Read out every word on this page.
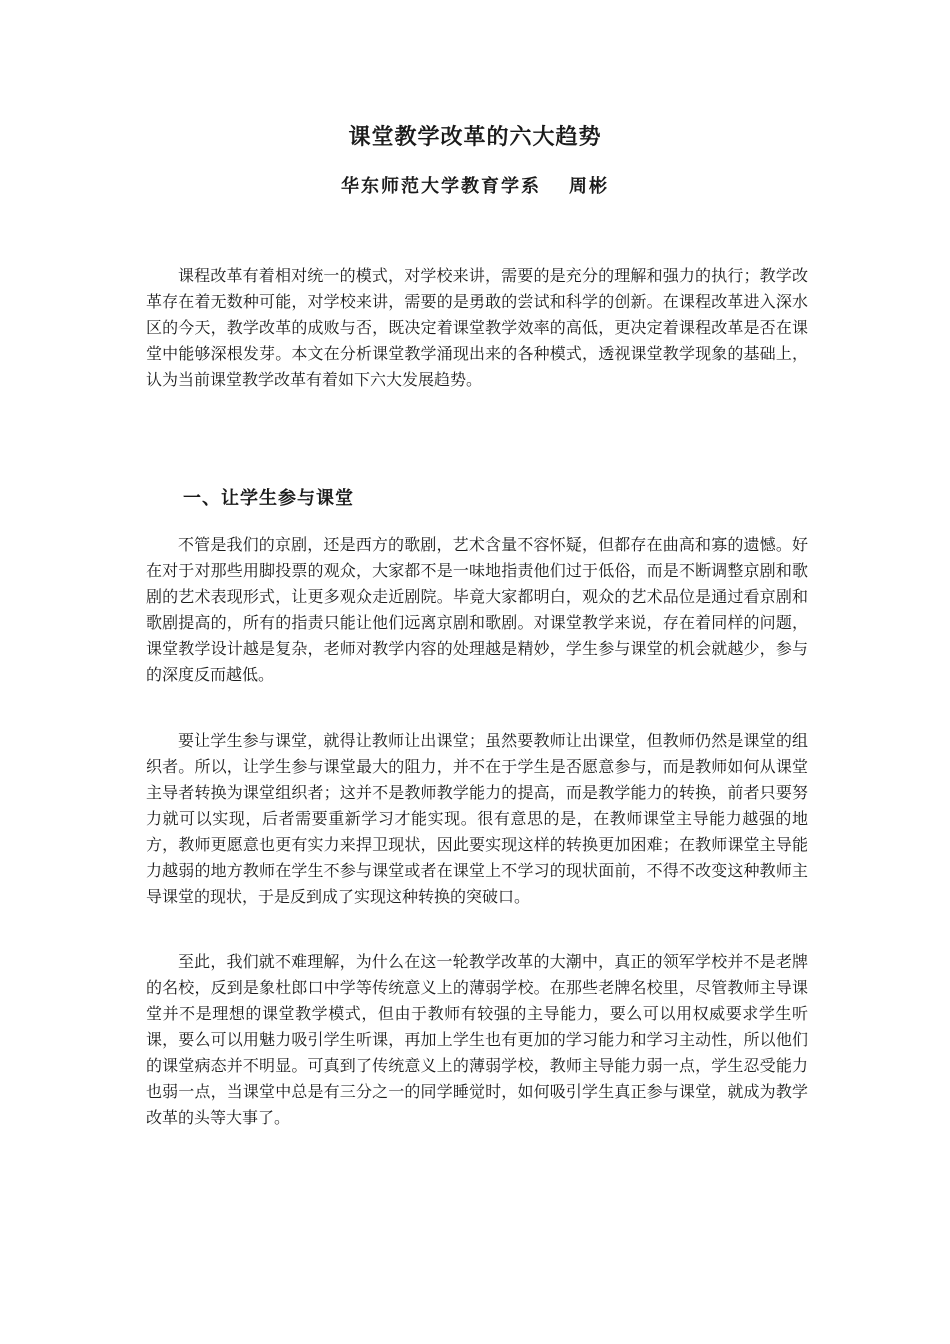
课堂教学改革的六大趋势
华东师范大学教育学系 周彬

课程改革有着相对统一的模式，对学校来讲，需要的是充分的理解和强力的执行；教学改革存在着无数种可能，对学校来讲，需要的是勇敢的尝试和科学的创新。在课程改革进入深水区的今天，教学改革的成败与否，既决定着课堂教学效率的高低，更决定着课程改革是否在课堂中能够深根发芽。本文在分析课堂教学涌现出来的各种模式，透视课堂教学现象的基础上，认为当前课堂教学改革有着如下六大发展趋势。

一、让学生参与课堂

不管是我们的京剧，还是西方的歌剧，艺术含量不容怀疑，但都存在曲高和寡的遗憾。好在对于对那些用脚投票的观众，大家都不是一味地指责他们过于低俗，而是不断调整京剧和歌剧的艺术表现形式，让更多观众走近剧院。毕竟大家都明白，观众的艺术品位是通过看京剧和歌剧提高的，所有的指责只能让他们远离京剧和歌剧。对课堂教学来说，存在着同样的问题，课堂教学设计越是复杂，老师对教学内容的处理越是精妙，学生参与课堂的机会就越少，参与的深度反而越低。

要让学生参与课堂，就得让教师让出课堂；虽然要教师让出课堂，但教师仍然是课堂的组织者。所以，让学生参与课堂最大的阻力，并不在于学生是否愿意参与，而是教师如何从课堂主导者转换为课堂组织者；这并不是教师教学能力的提高，而是教学能力的转换，前者只要努力就可以实现，后者需要重新学习才能实现。很有意思的是，在教师课堂主导能力越强的地方，教师更愿意也更有实力来捍卫现状，因此要实现这样的转换更加困难；在教师课堂主导能力越弱的地方教师在学生不参与课堂或者在课堂上不学习的现状面前，不得不改变这种教师主导课堂的现状，于是反到成了实现这种转换的突破口。

至此，我们就不难理解，为什么在这一轮教学改革的大潮中，真正的领军学校并不是老牌的名校，反到是象杜郎口中学等传统意义上的薄弱学校。在那些老牌名校里，尽管教师主导课堂并不是理想的课堂教学模式，但由于教师有较强的主导能力，要么可以用权威要求学生听课，要么可以用魅力吸引学生听课，再加上学生也有更加的学习能力和学习主动性，所以他们的课堂病态并不明显。可真到了传统意义上的薄弱学校，教师主导能力弱一点，学生忍受能力也弱一点，当课堂中总是有三分之一的同学睡觉时，如何吸引学生真正参与课堂，就成为教学改革的头等大事了。
